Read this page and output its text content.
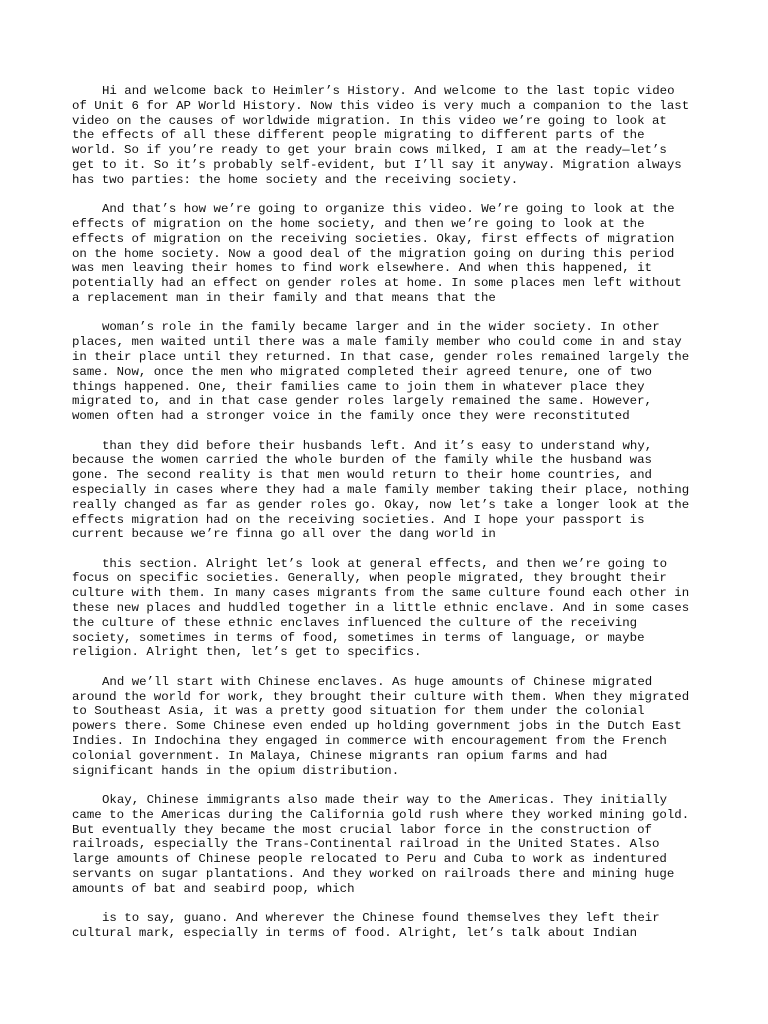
Hi and welcome back to Heimler’s History. And welcome to the last topic video
of Unit 6 for AP World History. Now this video is very much a companion to the last
video on the causes of worldwide migration. In this video we’re going to look at
the effects of all these different people migrating to different parts of the
world. So if you’re ready to get your brain cows milked, I am at the ready—let’s
get to it. So it’s probably self-evident, but I’ll say it anyway. Migration always
has two parties: the home society and the receiving society.

And that’s how we’re going to organize this video. We’re going to look at the
effects of migration on the home society, and then we’re going to look at the
effects of migration on the receiving societies. Okay, first effects of migration
on the home society. Now a good deal of the migration going on during this period
was men leaving their homes to find work elsewhere. And when this happened, it
potentially had an effect on gender roles at home. In some places men left without
a replacement man in their family and that means that the

woman’s role in the family became larger and in the wider society. In other
places, men waited until there was a male family member who could come in and stay
in their place until they returned. In that case, gender roles remained largely the
same. Now, once the men who migrated completed their agreed tenure, one of two
things happened. One, their families came to join them in whatever place they
migrated to, and in that case gender roles largely remained the same. However,
women often had a stronger voice in the family once they were reconstituted

than they did before their husbands left. And it’s easy to understand why,
because the women carried the whole burden of the family while the husband was
gone. The second reality is that men would return to their home countries, and
especially in cases where they had a male family member taking their place, nothing
really changed as far as gender roles go. Okay, now let’s take a longer look at the
effects migration had on the receiving societies. And I hope your passport is
current because we’re finna go all over the dang world in

this section. Alright let’s look at general effects, and then we’re going to
focus on specific societies. Generally, when people migrated, they brought their
culture with them. In many cases migrants from the same culture found each other in
these new places and huddled together in a little ethnic enclave. And in some cases
the culture of these ethnic enclaves influenced the culture of the receiving
society, sometimes in terms of food, sometimes in terms of language, or maybe
religion. Alright then, let’s get to specifics.

And we’ll start with Chinese enclaves. As huge amounts of Chinese migrated
around the world for work, they brought their culture with them. When they migrated
to Southeast Asia, it was a pretty good situation for them under the colonial
powers there. Some Chinese even ended up holding government jobs in the Dutch East
Indies. In Indochina they engaged in commerce with encouragement from the French
colonial government. In Malaya, Chinese migrants ran opium farms and had
significant hands in the opium distribution.

Okay, Chinese immigrants also made their way to the Americas. They initially
came to the Americas during the California gold rush where they worked mining gold.
But eventually they became the most crucial labor force in the construction of
railroads, especially the Trans-Continental railroad in the United States. Also
large amounts of Chinese people relocated to Peru and Cuba to work as indentured
servants on sugar plantations. And they worked on railroads there and mining huge
amounts of bat and seabird poop, which

is to say, guano. And wherever the Chinese found themselves they left their
cultural mark, especially in terms of food. Alright, let’s talk about Indian
